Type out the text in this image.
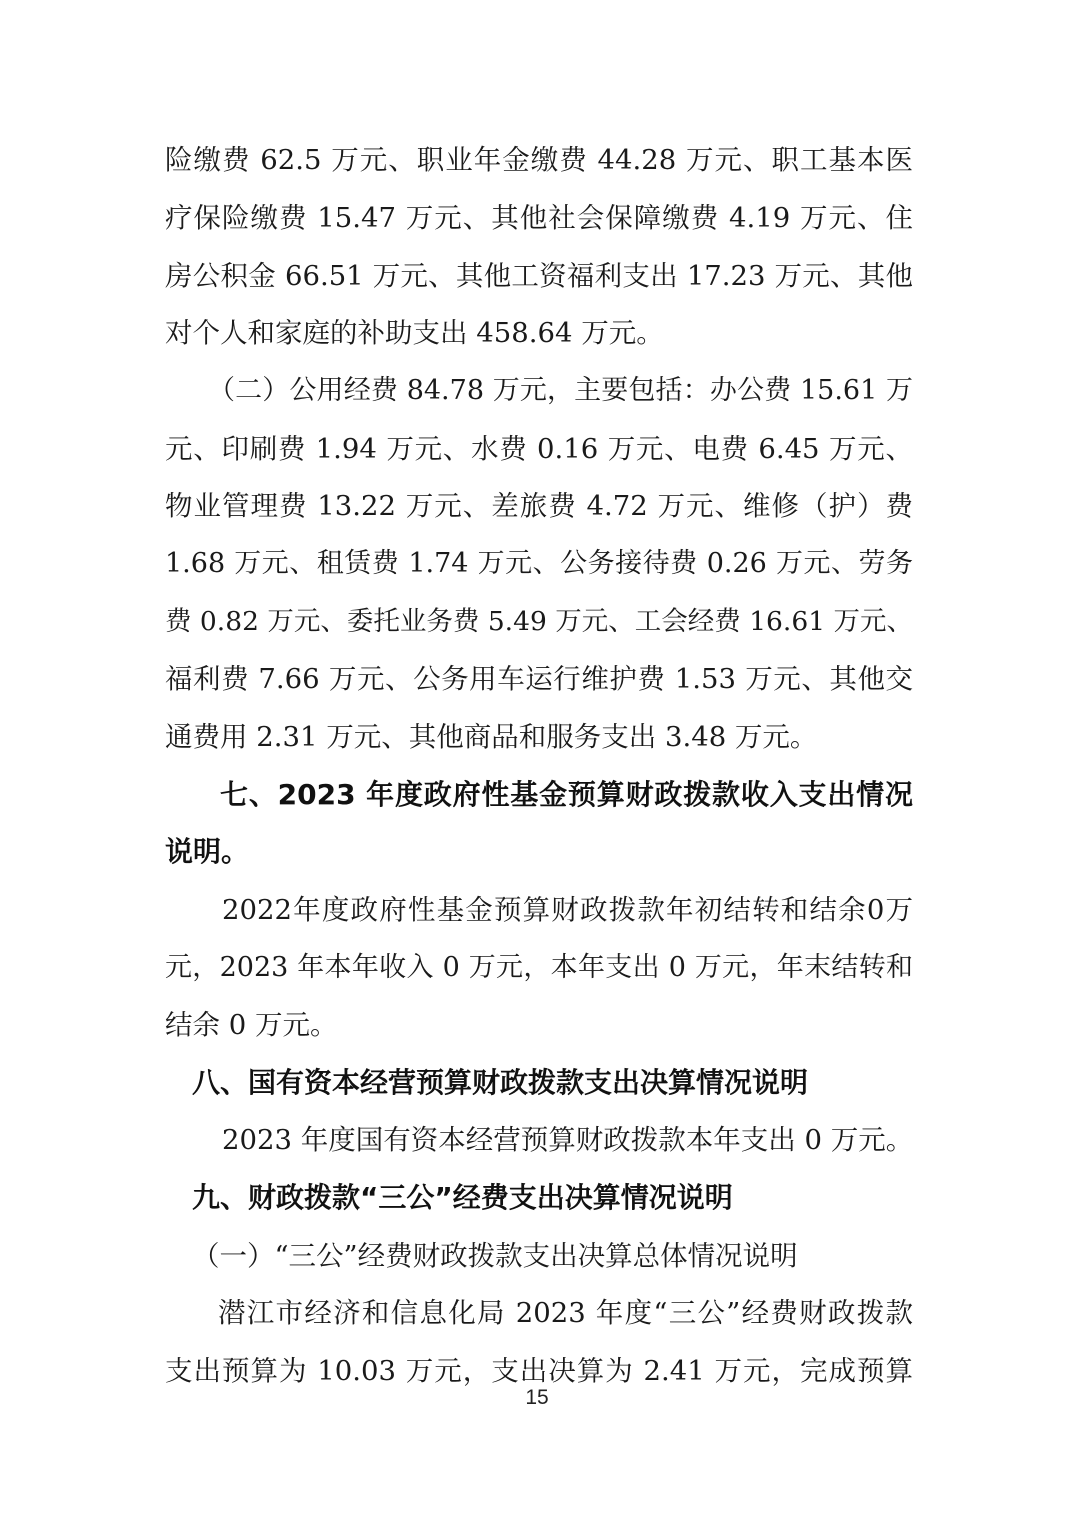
险缴费 62.5 万元、职业年金缴费 44.28 万元、职工基本医

疗保险缴费 15.47 万元、其他社会保障缴费 4.19 万元、住

房公积金 66.51 万元、其他工资福利支出 17.23 万元、其他

对个人和家庭的补助支出 458.64 万元。

（二）公用经费 84.78 万元，主要包括：办公费 15.61 万

元、印刷费 1.94 万元、水费 0.16 万元、电费 6.45 万元、

物业管理费 13.22 万元、差旅费 4.72 万元、维修（护）费

1.68 万元、租赁费 1.74 万元、公务接待费 0.26 万元、劳务

费 0.82 万元、委托业务费 5.49 万元、工会经费 16.61 万元、

福利费 7.66 万元、公务用车运行维护费 1.53 万元、其他交

通费用 2.31 万元、其他商品和服务支出 3.48 万元。

七、2023 年度政府性基金预算财政拨款收入支出情况

说明。

2022年度政府性基金预算财政拨款年初结转和结余0万

元，2023 年本年收入 0 万元，本年支出 0 万元，年末结转和

结余 0 万元。

八、国有资本经营预算财政拨款支出决算情况说明

2023 年度国有资本经营预算财政拨款本年支出 0 万元。

九、财政拨款“三公”经费支出决算情况说明

（一）“三公”经费财政拨款支出决算总体情况说明

潜江市经济和信息化局 2023 年度“三公”经费财政拨款

支出预算为 10.03 万元，支出决算为 2.41 万元，完成预算

15
